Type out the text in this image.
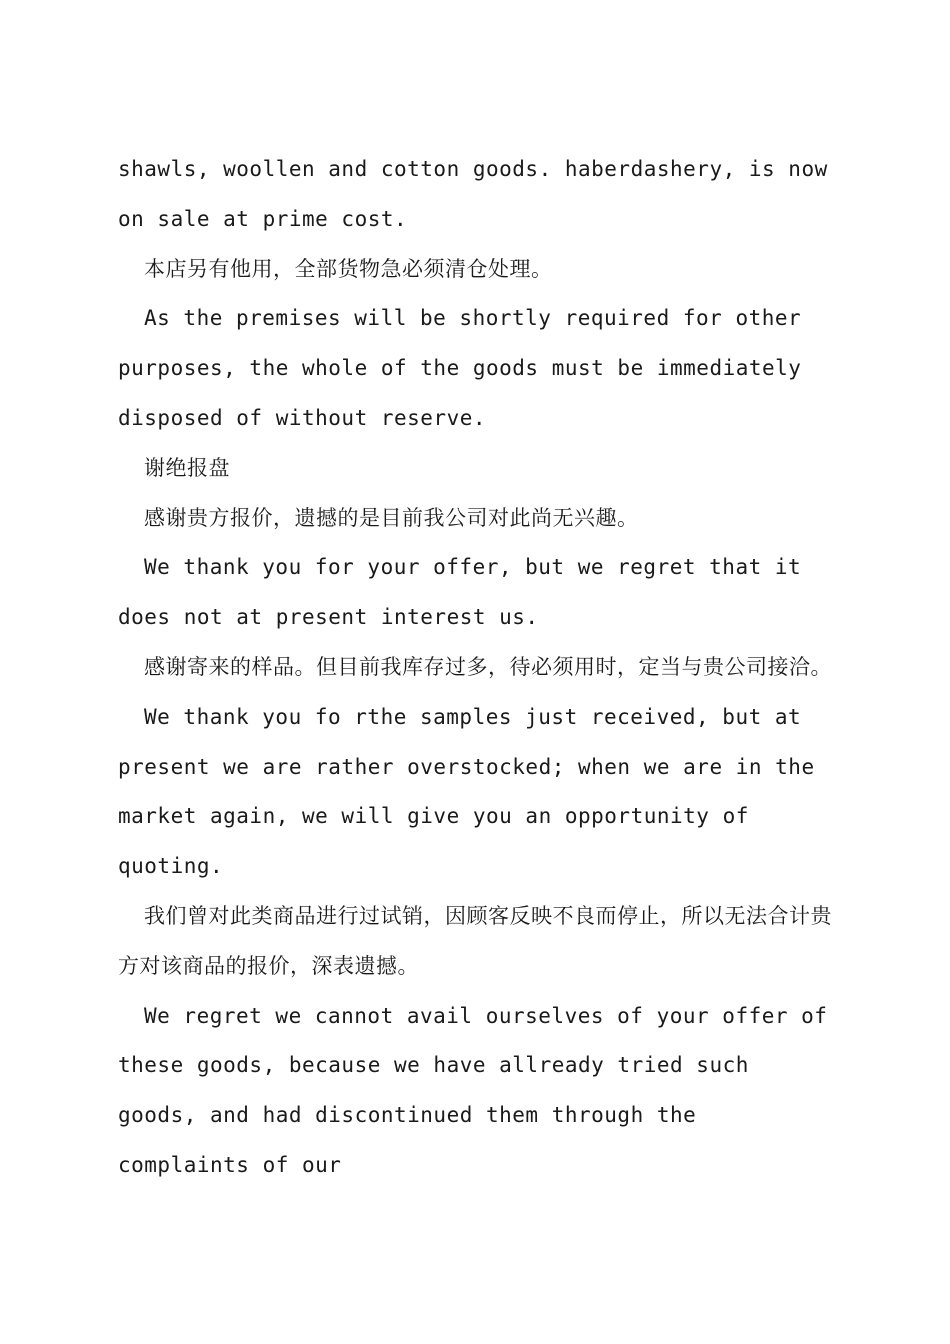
shawls, woollen and cotton goods. haberdashery, is now on sale at prime cost.

本店另有他用，全部货物急必须清仓处理。

As the premises will be shortly required for other purposes, the whole of the goods must be immediately disposed of without reserve.

谢绝报盘

感谢贵方报价，遗撼的是目前我公司对此尚无兴趣。

We thank you for your offer, but we regret that it does not at present interest us.

感谢寄来的样品。但目前我库存过多，待必须用时，定当与贵公司接洽。

We thank you fo rthe samples just received, but at present we are rather overstocked; when we are in the market again, we will give you an opportunity of quoting.

我们曾对此类商品进行过试销，因顾客反映不良而停止，所以无法合计贵方对该商品的报价，深表遗撼。

We regret we cannot avail ourselves of your offer of these goods, because we have allready tried such goods, and had discontinued them through the complaints of our
